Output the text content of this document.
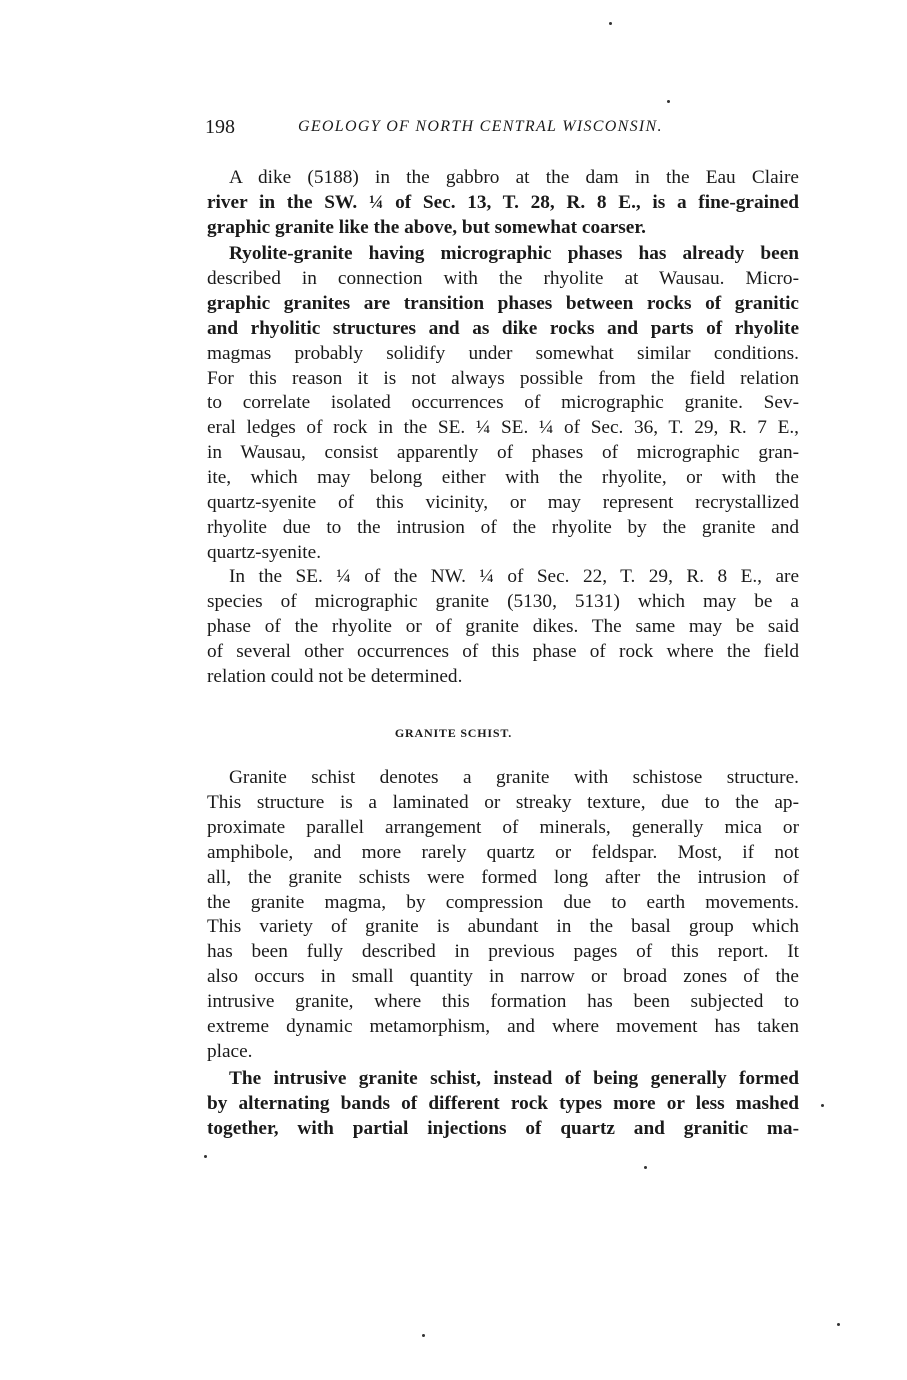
198	GEOLOGY OF NORTH CENTRAL WISCONSIN.

A dike (5188) in the gabbro at the dam in the Eau Claire
river in the SW. ¼ of Sec. 13, T. 28, R. 8 E., is a fine-grained
graphic granite like the above, but somewhat coarser.

Ryolite-granite having micrographic phases has already been
described in connection with the rhyolite at Wausau. Micro-
graphic granites are transition phases between rocks of granitic
and rhyolitic structures and as dike rocks and parts of rhyolite
magmas probably solidify under somewhat similar conditions.
For this reason it is not always possible from the field relation
to correlate isolated occurrences of micrographic granite. Sev-
eral ledges of rock in the SE. ¼ SE. ¼ of Sec. 36, T. 29, R. 7 E.,
in Wausau, consist apparently of phases of micrographic gran-
ite, which may belong either with the rhyolite, or with the
quartz-syenite of this vicinity, or may represent recrystallized
rhyolite due to the intrusion of the rhyolite by the granite and
quartz-syenite.

In the SE. ¼ of the NW. ¼ of Sec. 22, T. 29, R. 8 E., are
species of micrographic granite (5130, 5131) which may be a
phase of the rhyolite or of granite dikes. The same may be said
of several other occurrences of this phase of rock where the field
relation could not be determined.

GRANITE SCHIST.

Granite schist denotes a granite with schistose structure.
This structure is a laminated or streaky texture, due to the ap-
proximate parallel arrangement of minerals, generally mica or
amphibole, and more rarely quartz or feldspar. Most, if not
all, the granite schists were formed long after the intrusion of
the granite magma, by compression due to earth movements.
This variety of granite is abundant in the basal group which
has been fully described in previous pages of this report. It
also occurs in small quantity in narrow or broad zones of the
intrusive granite, where this formation has been subjected to
extreme dynamic metamorphism, and where movement has taken
place.

The intrusive granite schist, instead of being generally formed
by alternating bands of different rock types more or less mashed
together, with partial injections of quartz and granitic ma-
